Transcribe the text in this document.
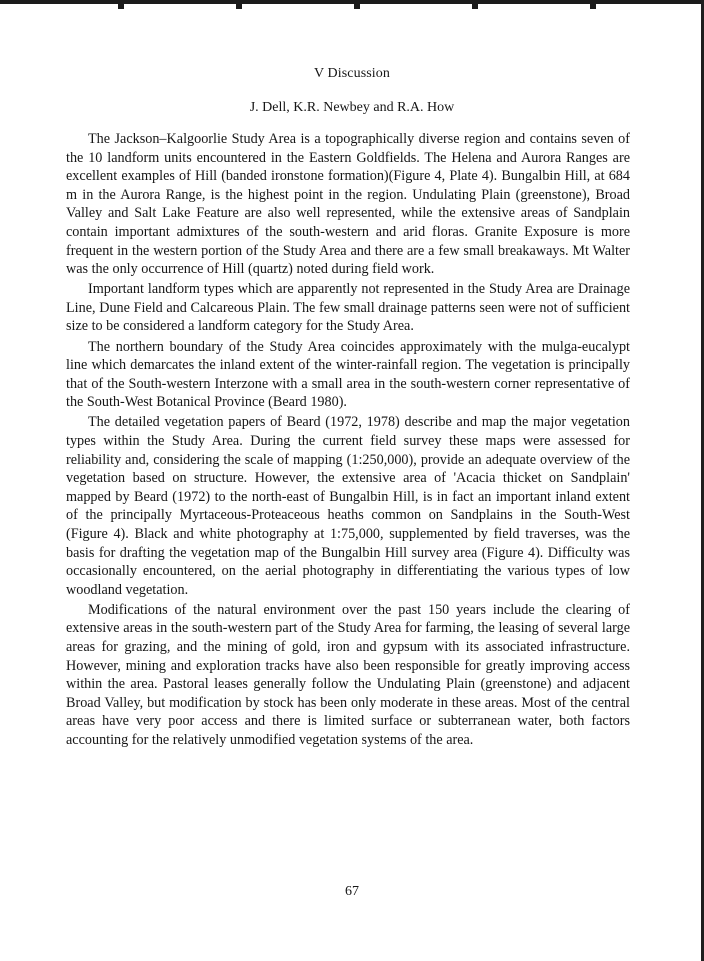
V Discussion
J. Dell, K.R. Newbey and R.A. How

The Jackson–Kalgoorlie Study Area is a topographically diverse region and contains seven of the 10 landform units encountered in the Eastern Goldfields. The Helena and Aurora Ranges are excellent examples of Hill (banded ironstone formation)(Figure 4, Plate 4). Bungalbin Hill, at 684 m in the Aurora Range, is the highest point in the region. Undulating Plain (greenstone), Broad Valley and Salt Lake Feature are also well represented, while the extensive areas of Sandplain contain important admixtures of the south-western and arid floras. Granite Exposure is more frequent in the western portion of the Study Area and there are a few small breakaways. Mt Walter was the only occurrence of Hill (quartz) noted during field work.

Important landform types which are apparently not represented in the Study Area are Drainage Line, Dune Field and Calcareous Plain. The few small drainage patterns seen were not of sufficient size to be considered a landform category for the Study Area.

The northern boundary of the Study Area coincides approximately with the mulga-eucalypt line which demarcates the inland extent of the winter-rainfall region. The vegetation is principally that of the South-western Interzone with a small area in the south-western corner representative of the South-West Botanical Province (Beard 1980).

The detailed vegetation papers of Beard (1972, 1978) describe and map the major vegetation types within the Study Area. During the current field survey these maps were assessed for reliability and, considering the scale of mapping (1:250,000), provide an adequate overview of the vegetation based on structure. However, the extensive area of 'Acacia thicket on Sandplain' mapped by Beard (1972) to the north-east of Bungalbin Hill, is in fact an important inland extent of the principally Myrtaceous-Proteaceous heaths common on Sandplains in the South-West (Figure 4). Black and white photography at 1:75,000, supplemented by field traverses, was the basis for drafting the vegetation map of the Bungalbin Hill survey area (Figure 4). Difficulty was occasionally encountered, on the aerial photography in differentiating the various types of low woodland vegetation.

Modifications of the natural environment over the past 150 years include the clearing of extensive areas in the south-western part of the Study Area for farming, the leasing of several large areas for grazing, and the mining of gold, iron and gypsum with its associated infrastructure. However, mining and exploration tracks have also been responsible for greatly improving access within the area. Pastoral leases generally follow the Undulating Plain (greenstone) and adjacent Broad Valley, but modification by stock has been only moderate in these areas. Most of the central areas have very poor access and there is limited surface or subterranean water, both factors accounting for the relatively unmodified vegetation systems of the area.

67
